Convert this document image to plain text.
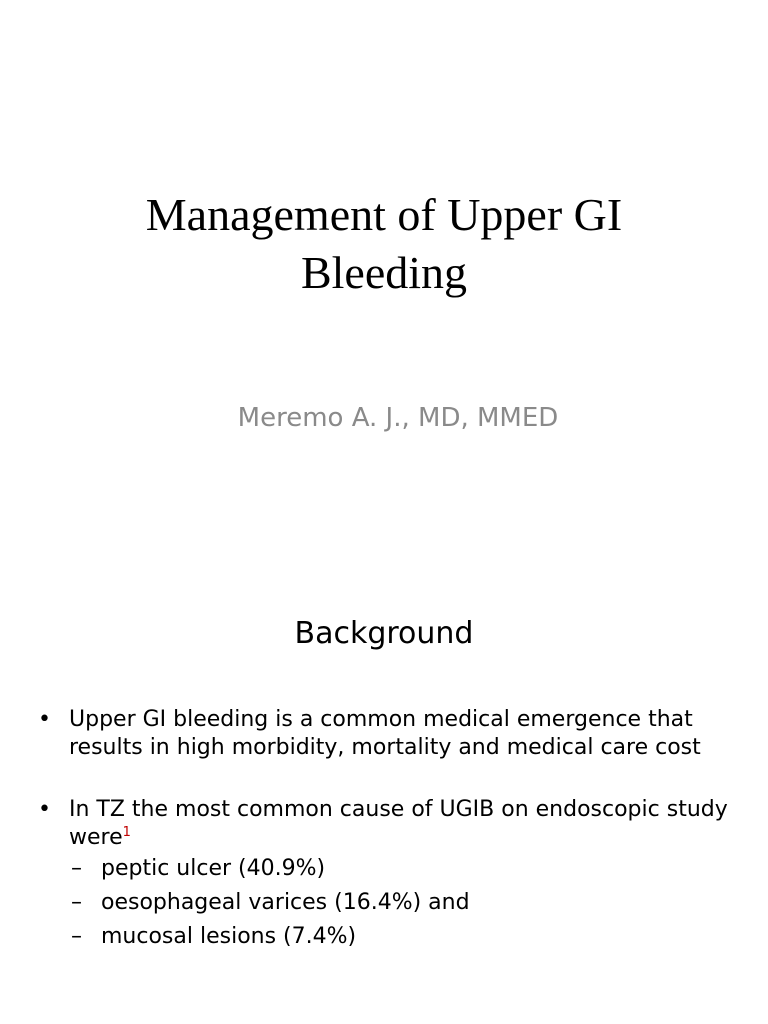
Management of Upper GI
Bleeding

Meremo A. J., MD, MMED

Background
• Upper GI bleeding is a common medical emergence that results in high morbidity, mortality and medical care cost
• In TZ the most common cause of UGIB on endoscopic study were$^1$
– peptic ulcer (40.9%)
– oesophageal varices (16.4%) and
– mucosal lesions (7.4%)
